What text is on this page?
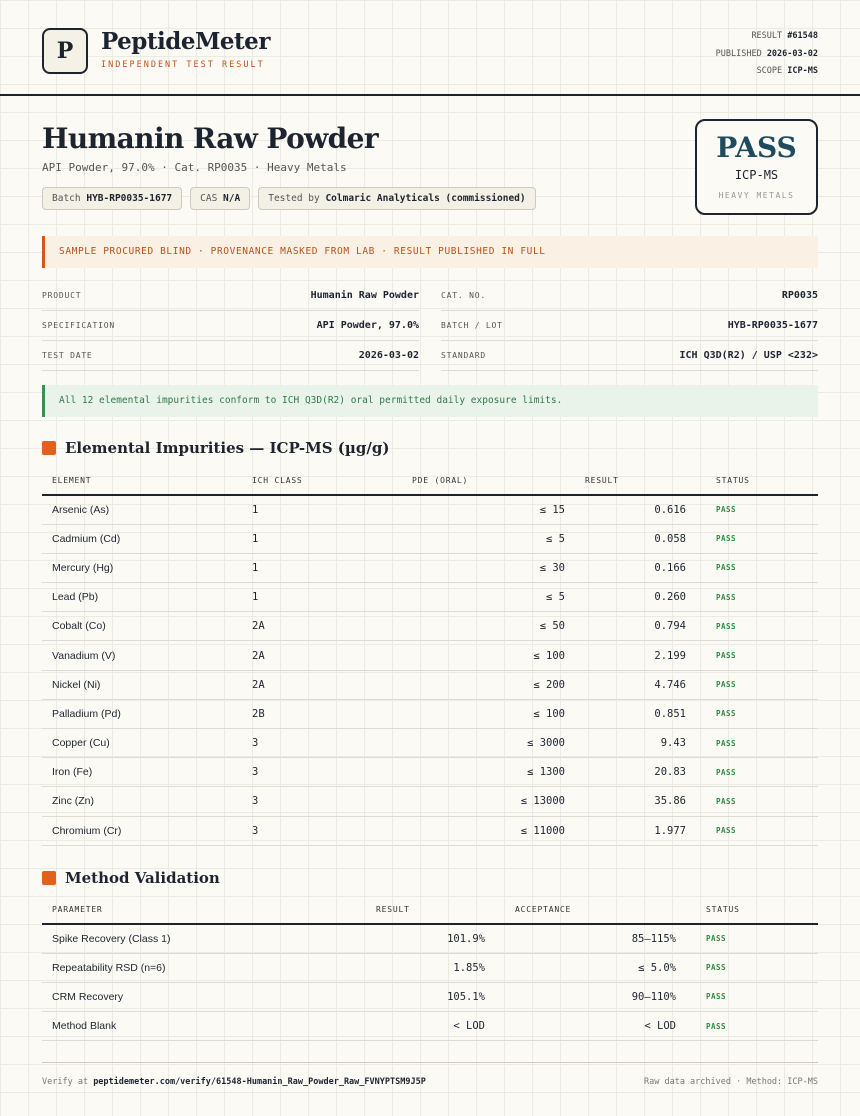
P	PeptideMeter
INDEPENDENT TEST RESULT
RESULT #61548
PUBLISHED 2026-03-02
SCOPE ICP-MS
Humanin Raw Powder
API Powder, 97.0% · Cat. RP0035 · Heavy Metals
Batch HYB-RP0035-1677	CAS N/A	Tested by Colmaric Analyticals (commissioned)
PASS
ICP-MS
HEAVY METALS
SAMPLE PROCURED BLIND · PROVENANCE MASKED FROM LAB · RESULT PUBLISHED IN FULL
PRODUCT	Humanin Raw Powder
SPECIFICATION	API Powder, 97.0%
TEST DATE	2026-03-02
CAT. NO.	RP0035
BATCH / LOT	HYB-RP0035-1677
STANDARD	ICH Q3D(R2) / USP <232>
All 12 elemental impurities conform to ICH Q3D(R2) oral permitted daily exposure limits.
Elemental Impurities — ICP-MS (µg/g)
ELEMENT	ICH CLASS	PDE (ORAL)	RESULT	STATUS
Arsenic (As)	1	≤ 15	0.616	PASS
Cadmium (Cd)	1	≤ 5	0.058	PASS
Mercury (Hg)	1	≤ 30	0.166	PASS
Lead (Pb)	1	≤ 5	0.260	PASS
Cobalt (Co)	2A	≤ 50	0.794	PASS
Vanadium (V)	2A	≤ 100	2.199	PASS
Nickel (Ni)	2A	≤ 200	4.746	PASS
Palladium (Pd)	2B	≤ 100	0.851	PASS
Copper (Cu)	3	≤ 3000	9.43	PASS
Iron (Fe)	3	≤ 1300	20.83	PASS
Zinc (Zn)	3	≤ 13000	35.86	PASS
Chromium (Cr)	3	≤ 11000	1.977	PASS
Method Validation
PARAMETER	RESULT	ACCEPTANCE	STATUS
Spike Recovery (Class 1)	101.9%	85–115%	PASS
Repeatability RSD (n=6)	1.85%	≤ 5.0%	PASS
CRM Recovery	105.1%	90–110%	PASS
Method Blank	< LOD	< LOD	PASS
Verify at peptidemeter.com/verify/61548-Humanin_Raw_Powder_Raw_FVNYPTSM9J5P	Raw data archived · Method: ICP-MS
